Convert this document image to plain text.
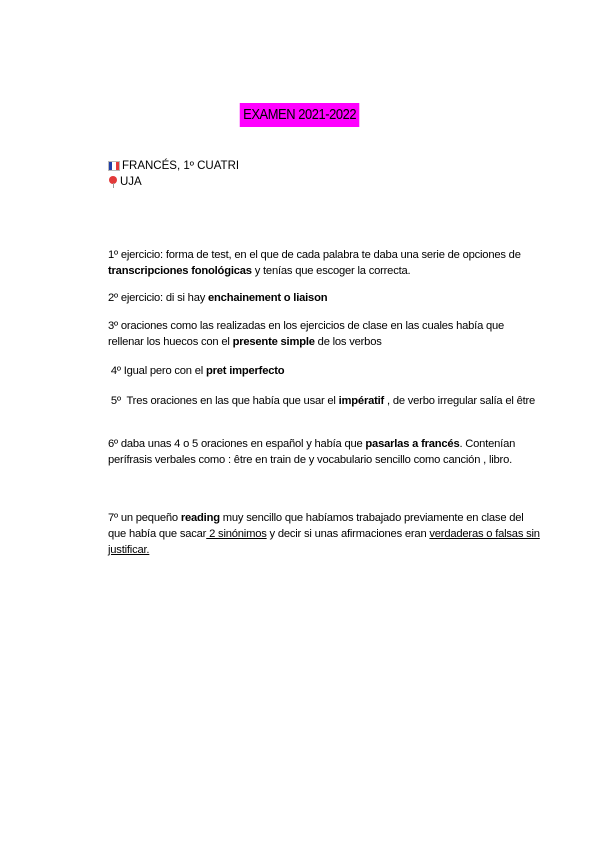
EXAMEN 2021-2022
FRANCÉS, 1º CUATRI
UJA
1º ejercicio: forma de test, en el que de cada palabra te daba una serie de opciones de transcripciones fonológicas y tenías que escoger la correcta.
2º ejercicio: di si hay enchainement o liaison
3º oraciones como las realizadas en los ejercicios de clase en las cuales había que rellenar los huecos con el presente simple de los verbos
4º Igual pero con el pret imperfecto
5º  Tres oraciones en las que había que usar el impératif , de verbo irregular salía el être
6º daba unas 4 o 5 oraciones en español y había que pasarlas a francés. Contenían perífrasis verbales como : être en train de y vocabulario sencillo como canción , libro.
7º un pequeño reading muy sencillo que habíamos trabajado previamente en clase del que había que sacar 2 sinónimos y decir si unas afirmaciones eran verdaderas o falsas sin justificar.
